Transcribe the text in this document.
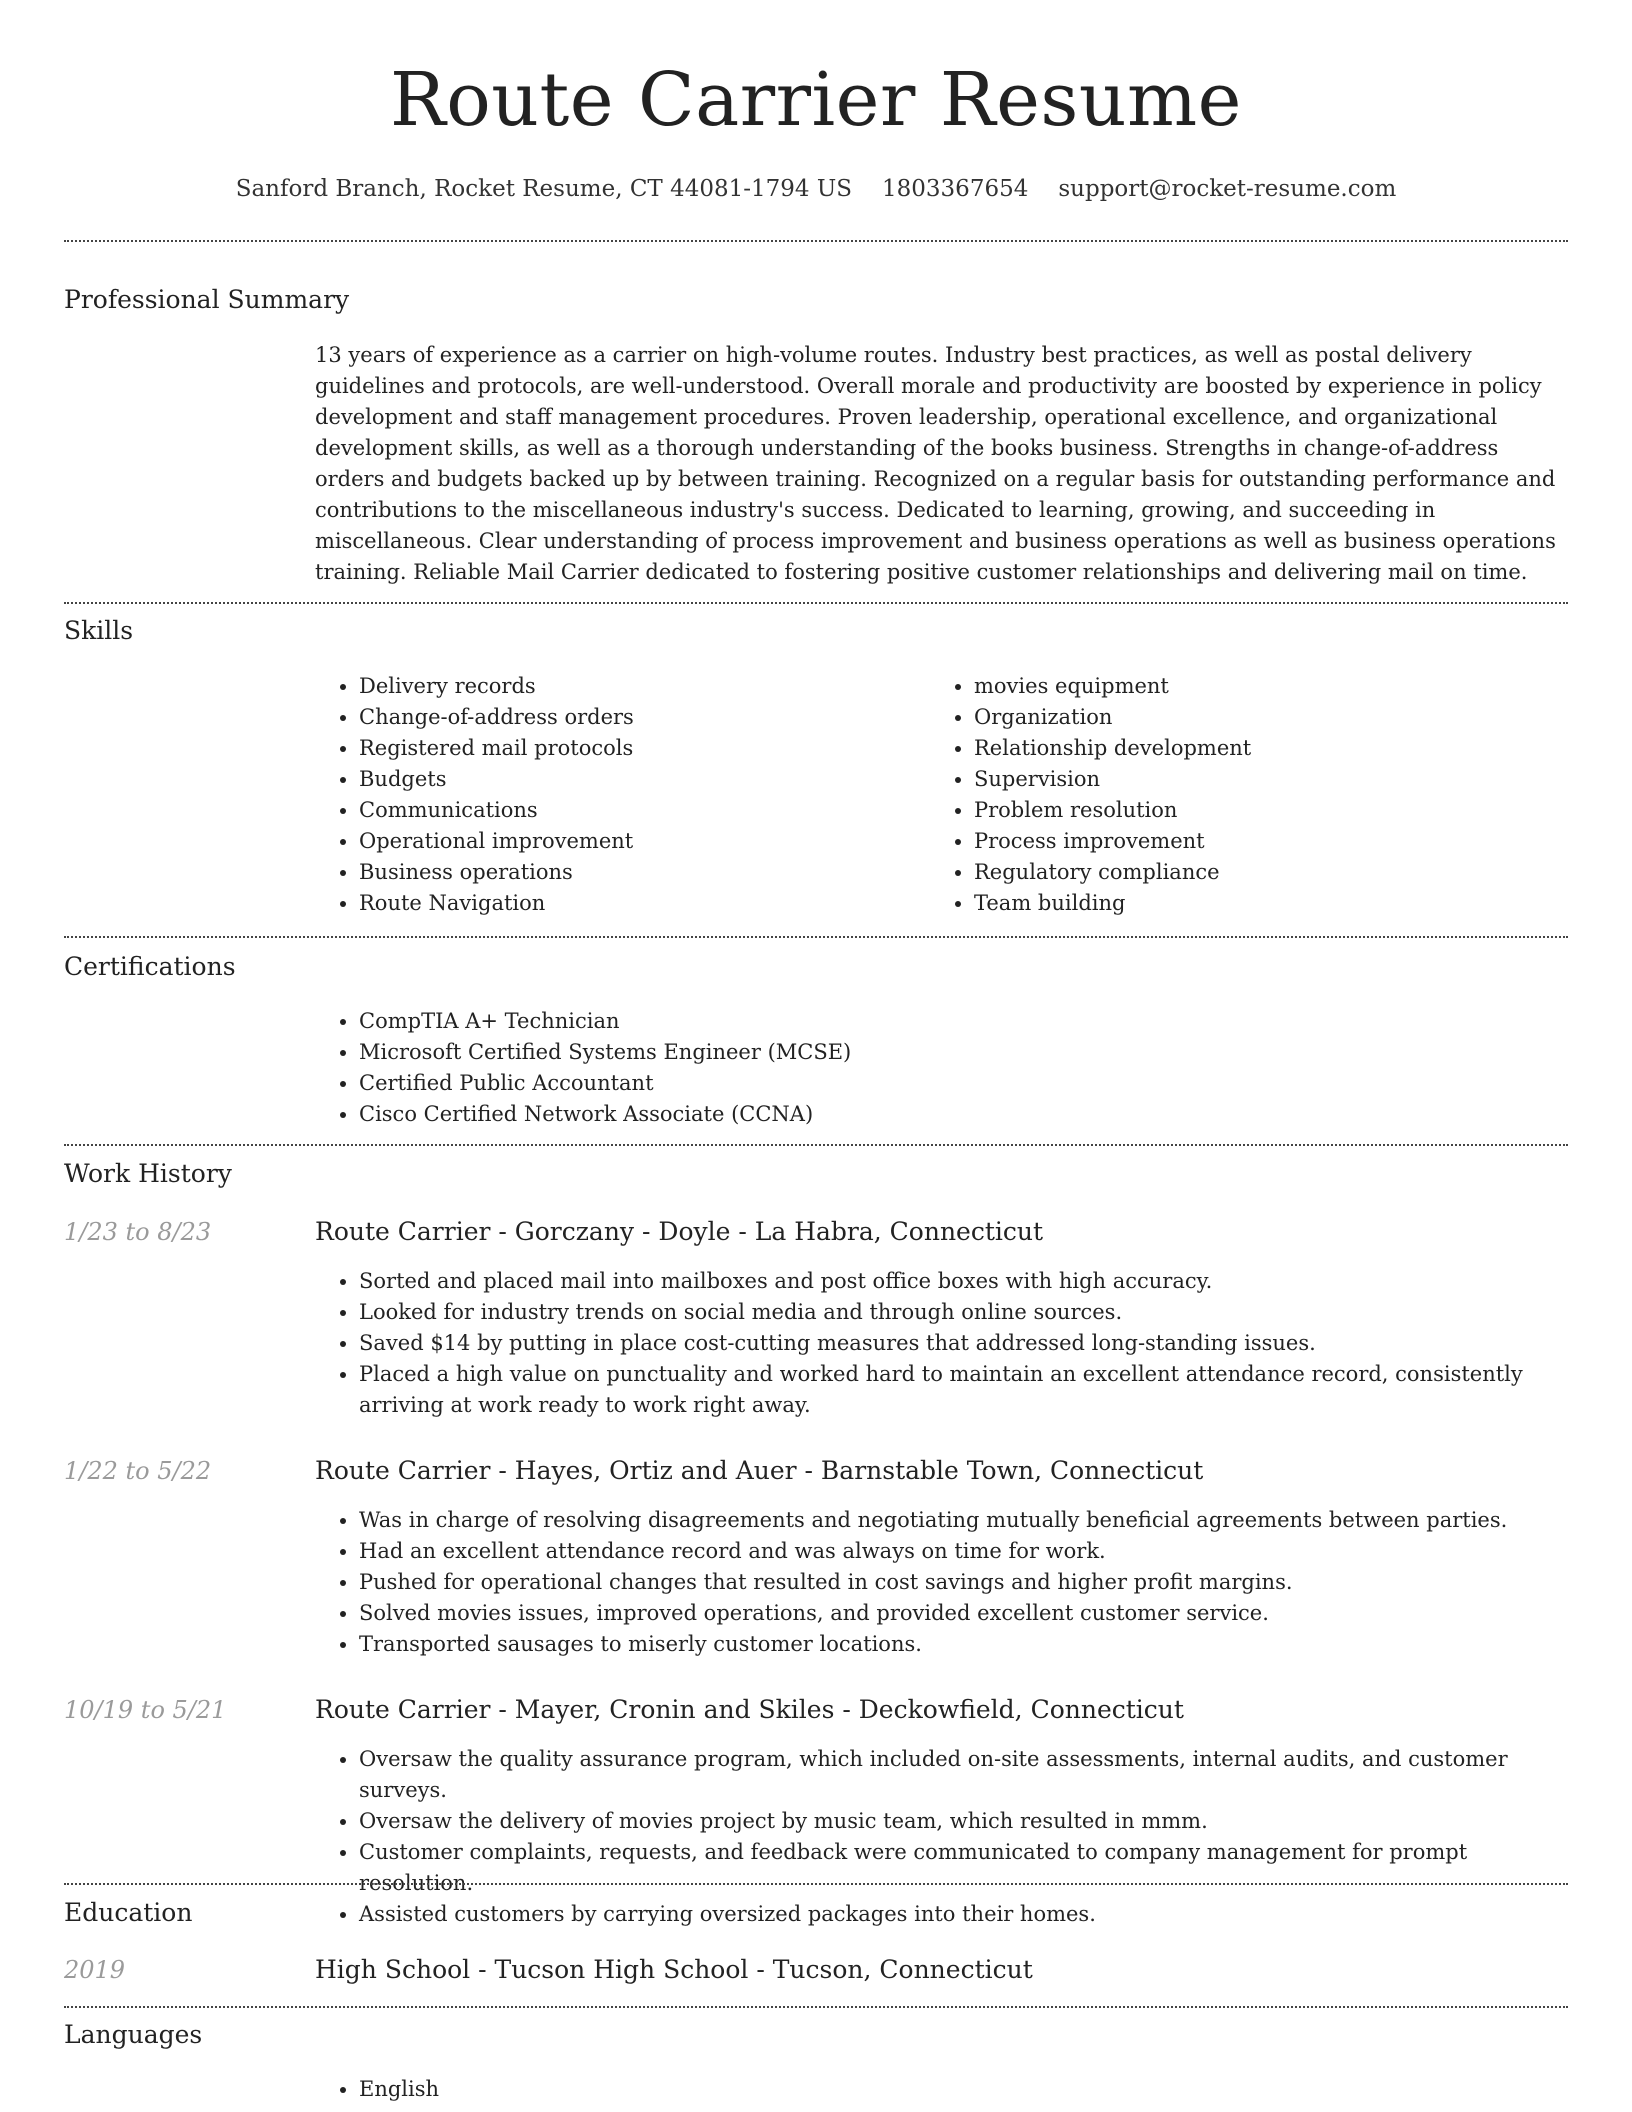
Route Carrier Resume
Sanford Branch, Rocket Resume, CT 44081-1794 US 1803367654 support@rocket-resume.com
Professional Summary

13 years of experience as a carrier on high-volume routes. Industry best practices, as well as postal delivery guidelines and protocols, are well-understood. Overall morale and productivity are boosted by experience in policy development and staff management procedures. Proven leadership, operational excellence, and organizational development skills, as well as a thorough understanding of the books business. Strengths in change-of-address orders and budgets backed up by between training. Recognized on a regular basis for outstanding performance and contributions to the miscellaneous industry's success. Dedicated to learning, growing, and succeeding in miscellaneous. Clear understanding of process improvement and business operations as well as business operations training. Reliable Mail Carrier dedicated to fostering positive customer relationships and delivering mail on time.

Skills
• Delivery records
• Change-of-address orders
• Registered mail protocols
• Budgets
• Communications
• Operational improvement
• Business operations
• Route Navigation
• movies equipment
• Organization
• Relationship development
• Supervision
• Problem resolution
• Process improvement
• Regulatory compliance
• Team building
Certifications
• CompTIA A+ Technician
• Microsoft Certified Systems Engineer (MCSE)
• Certified Public Accountant
• Cisco Certified Network Associate (CCNA)
Work History
1/23 to 8/23	Route Carrier - Gorczany - Doyle - La Habra, Connecticut
• Sorted and placed mail into mailboxes and post office boxes with high accuracy.
• Looked for industry trends on social media and through online sources.
• Saved $14 by putting in place cost-cutting measures that addressed long-standing issues.
• Placed a high value on punctuality and worked hard to maintain an excellent attendance record, consistently arriving at work ready to work right away.
1/22 to 5/22	Route Carrier - Hayes, Ortiz and Auer - Barnstable Town, Connecticut
• Was in charge of resolving disagreements and negotiating mutually beneficial agreements between parties.
• Had an excellent attendance record and was always on time for work.
• Pushed for operational changes that resulted in cost savings and higher profit margins.
• Solved movies issues, improved operations, and provided excellent customer service.
• Transported sausages to miserly customer locations.
10/19 to 5/21	Route Carrier - Mayer, Cronin and Skiles - Deckowfield, Connecticut
• Oversaw the quality assurance program, which included on-site assessments, internal audits, and customer surveys.
• Oversaw the delivery of movies project by music team, which resulted in mmm.
• Customer complaints, requests, and feedback were communicated to company management for prompt resolution.
• Assisted customers by carrying oversized packages into their homes.
Education
2019	High School - Tucson High School - Tucson, Connecticut
Languages
• English
